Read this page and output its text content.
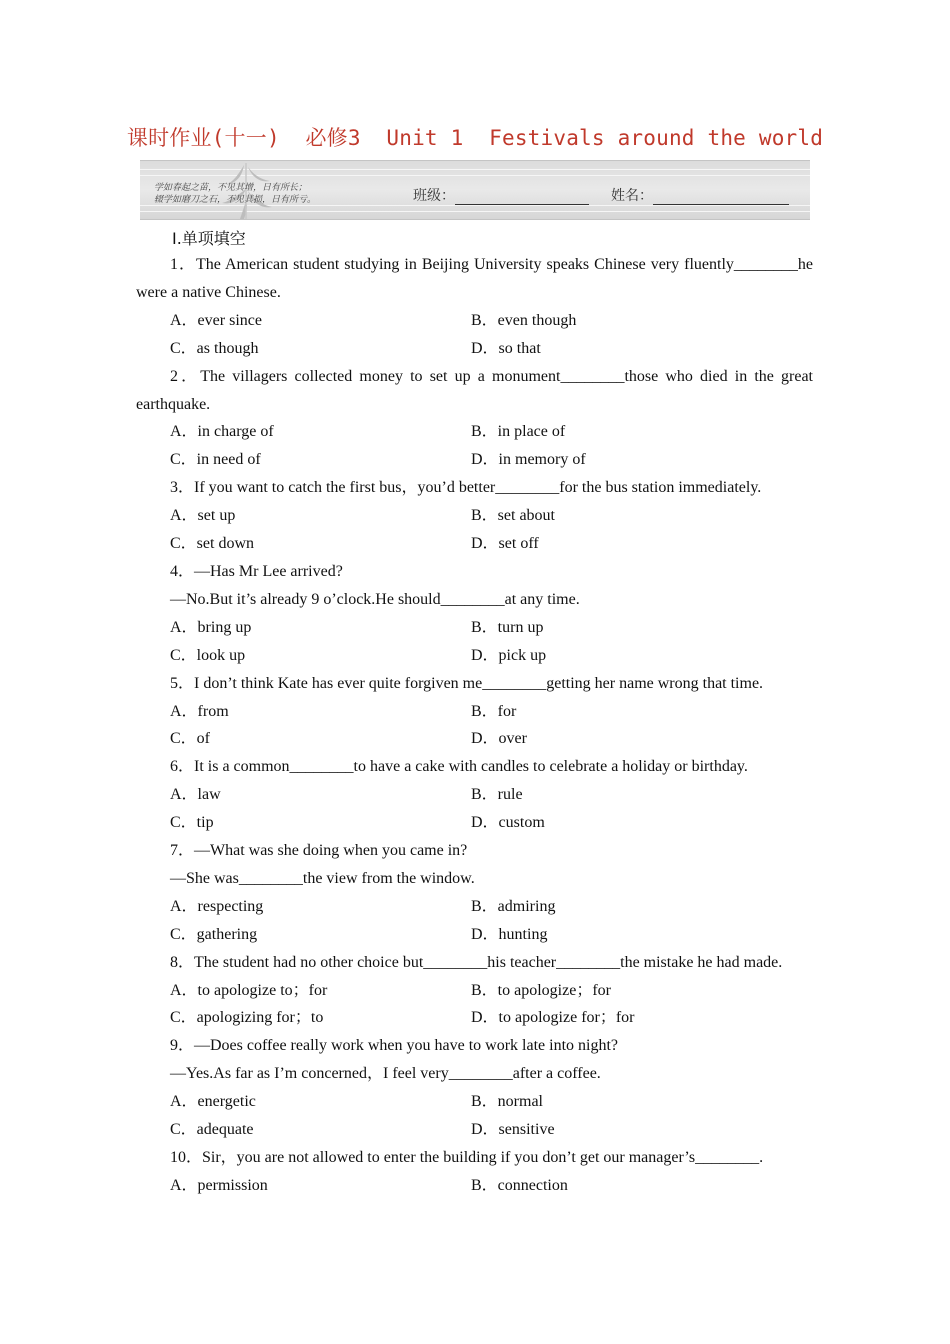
课时作业(十一)  必修3  Unit 1  Festivals around the world
学如春起之苗，不见其增，日有所长；
辍学如磨刀之石，不见其损，日有所亏。	班级：	姓名：
Ⅰ.单项填空
1．The American student studying in Beijing University speaks Chinese very fluently________he were a native Chinese.
A．ever since	B．even though
C．as though	D．so that
2．The villagers collected money to set up a monument________those who died in the great earthquake.
A．in charge of	B．in place of
C．in need of	D．in memory of
3．If you want to catch the first bus，you’d better________for the bus station immediately.
A．set up	B．set about
C．set down	D．set off
4．—Has Mr Lee arrived?
—No.But it’s already 9 o’clock.He should________at any time.
A．bring up	B．turn up
C．look up	D．pick up
5．I don’t think Kate has ever quite forgiven me________getting her name wrong that time.
A．from	B．for
C．of	D．over
6．It is a common________to have a cake with candles to celebrate a holiday or birthday.
A．law	B．rule
C．tip	D．custom
7．—What was she doing when you came in?
—She was________the view from the window.
A．respecting	B．admiring
C．gathering	D．hunting
8．The student had no other choice but________his teacher________the mistake he had made.
A．to apologize to；for	B．to apologize；for
C．apologizing for；to	D．to apologize for；for
9．—Does coffee really work when you have to work late into night?
—Yes.As far as I’m concerned，I feel very________after a coffee.
A．energetic	B．normal
C．adequate	D．sensitive
10．Sir，you are not allowed to enter the building if you don’t get our manager’s________.
A．permission	B．connection
